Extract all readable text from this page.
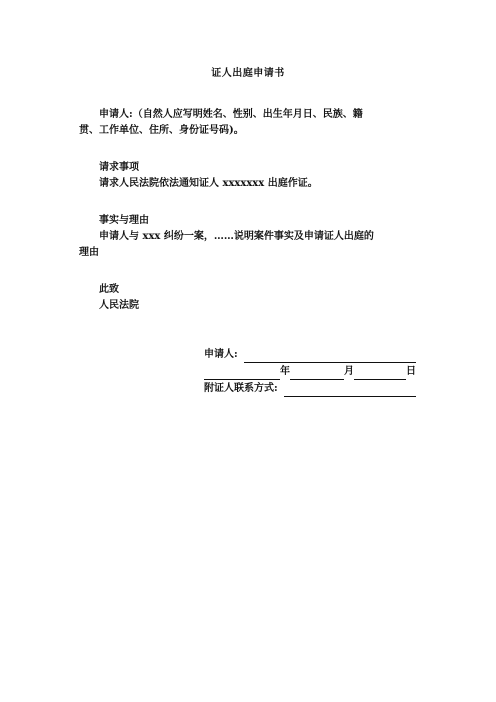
证人出庭申请书
申请人:（自然人应写明姓名、性别、出生年月日、民族、籍
贯、工作单位、住所、身份证号码)。
请求事项
请求人民法院依法通知证人 xxxxxxx 出庭作证。
事实与理由
申请人与 xxx 纠纷一案，……说明案件事实及申请证人出庭的
理由
此致
人民法院
申请人:
年	月	日
附证人联系方式:
